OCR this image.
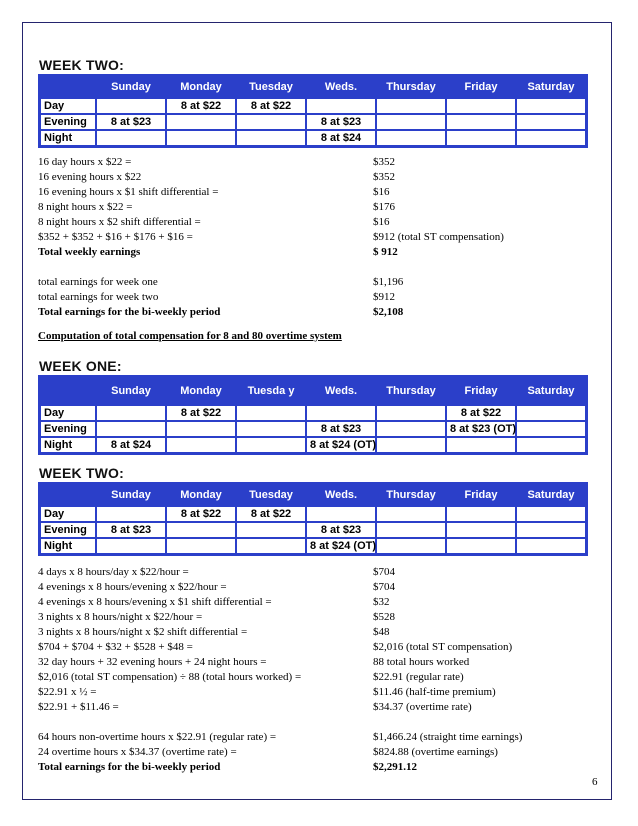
WEEK TWO:
	Sunday	Monday	Tuesday	Weds.	Thursday	Friday	Saturday
Day		8 at $22	8 at $22				
Evening	8 at $23			8 at $23			
Night				8 at $24			
16 day hours x $22 =	$352
16 evening hours x $22	$352
16 evening hours x $1 shift differential =	$16
8 night hours x $22 =	$176
8 night hours x $2 shift differential =	$16
$352 + $352 + $16 + $176 + $16 =	$912 (total ST compensation)
Total weekly earnings	$ 912
total earnings for week one	$1,196
total earnings for week two	$912
Total earnings for the bi-weekly period	$2,108
Computation of total compensation for 8 and 80 overtime system
WEEK ONE:
	Sunday	Monday	Tuesda y	Weds.	Thursday	Friday	Saturday
Day		8 at $22				8 at $22	
Evening				8 at $23		8 at $23 (OT)	
Night	8 at $24			8 at $24 (OT)			
WEEK TWO:
	Sunday	Monday	Tuesday	Weds.	Thursday	Friday	Saturday
Day		8 at $22	8 at $22				
Evening	8 at $23			8 at $23			
Night				8 at $24 (OT)			
4 days x 8 hours/day x $22/hour =	$704
4 evenings x 8 hours/evening x $22/hour =	$704
4 evenings x 8 hours/evening x $1 shift differential =	$32
3 nights x 8 hours/night x $22/hour =	$528
3 nights x 8 hours/night x $2 shift differential =	$48
$704 + $704 + $32 + $528 + $48 =	$2,016 (total ST compensation)
32 day hours + 32 evening hours + 24 night hours =	88 total hours worked
$2,016 (total ST compensation) ÷ 88 (total hours worked) =	$22.91 (regular rate)
$22.91 x ½ =	$11.46 (half-time premium)
$22.91 + $11.46 =	$34.37 (overtime rate)
64 hours non-overtime hours x $22.91 (regular rate) =	$1,466.24 (straight time earnings)
24 overtime hours x $34.37 (overtime rate) =	$824.88 (overtime earnings)
Total earnings for the bi-weekly period	$2,291.12
6
